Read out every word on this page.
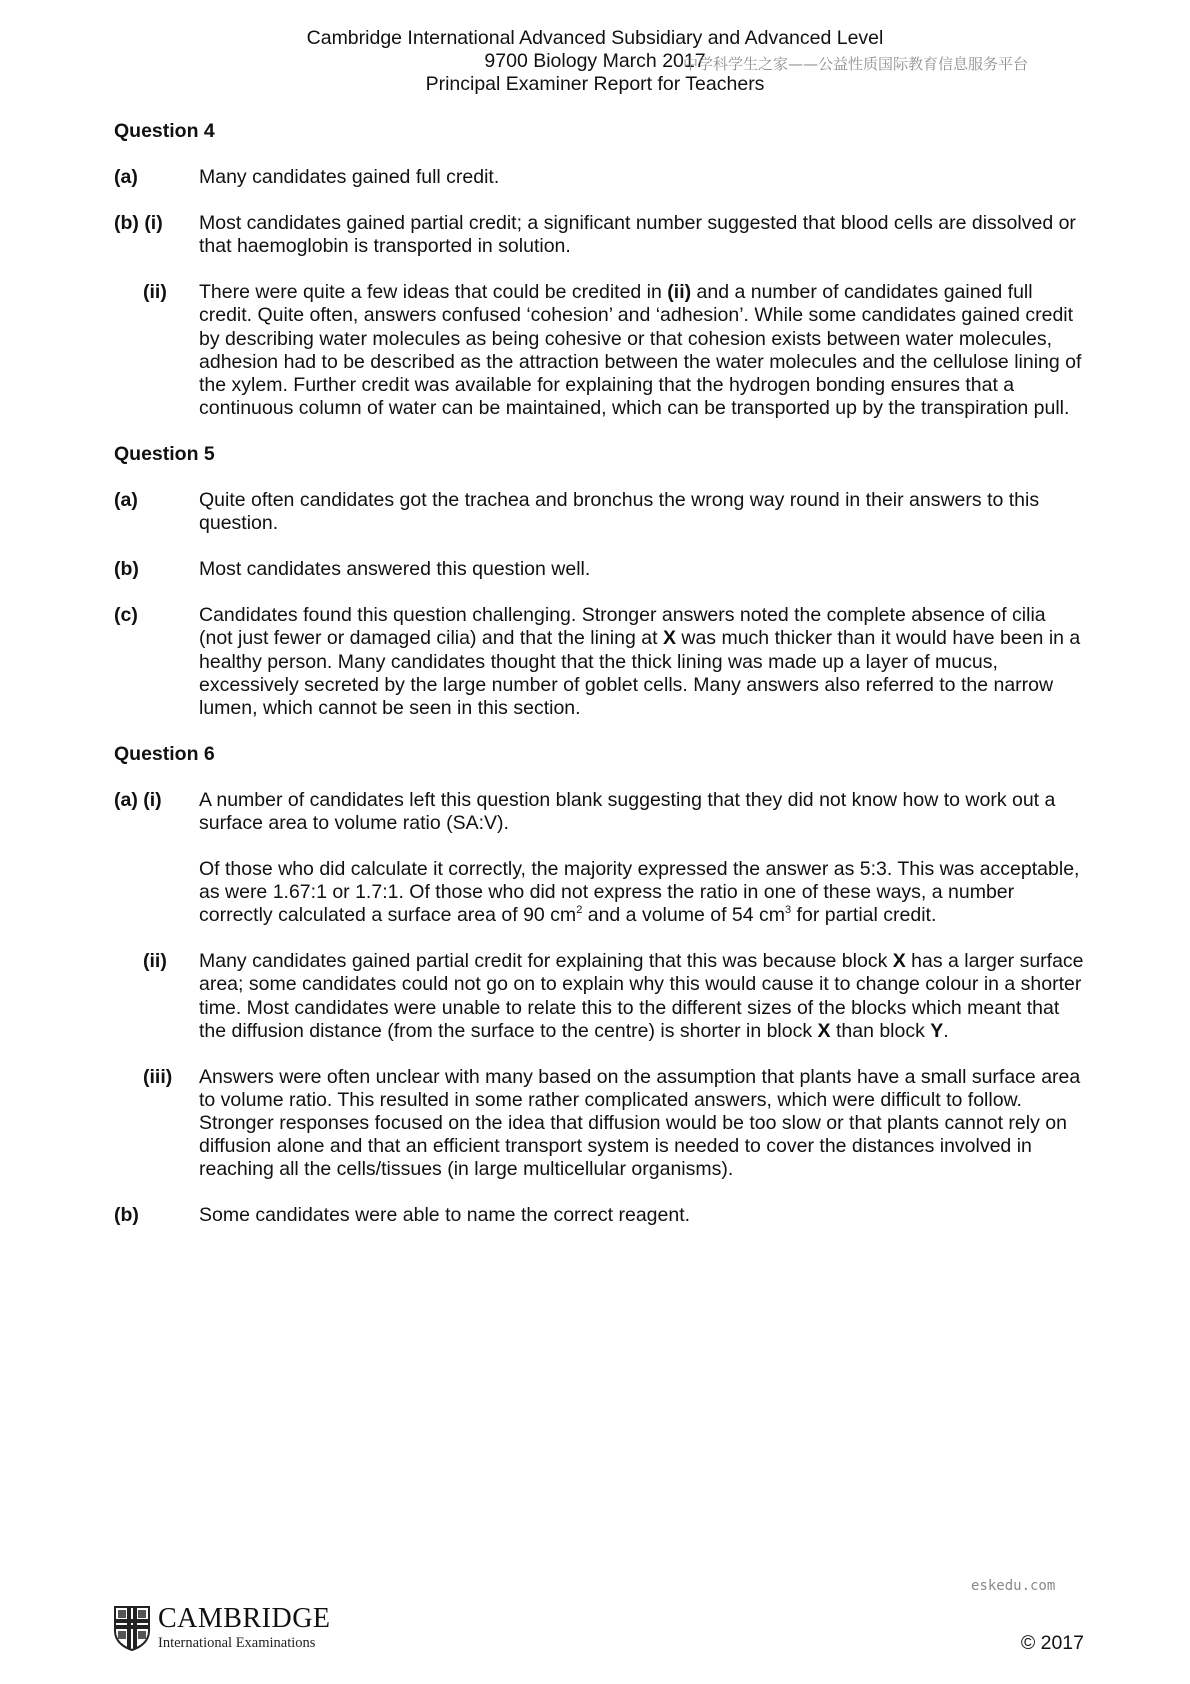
Cambridge International Advanced Subsidiary and Advanced Level
9700 Biology March 2017
Principal Examiner Report for Teachers
中学科学生之家——公益性质国际教育信息服务平台
Question 4
(a)	Many candidates gained full credit.

(b) (i) Most candidates gained partial credit; a significant number suggested that blood cells are dissolved or that haemoglobin is transported in solution.

(ii) There were quite a few ideas that could be credited in (ii) and a number of candidates gained full credit. Quite often, answers confused ‘cohesion’ and ‘adhesion’. While some candidates gained credit by describing water molecules as being cohesive or that cohesion exists between water molecules, adhesion had to be described as the attraction between the water molecules and the cellulose lining of the xylem. Further credit was available for explaining that the hydrogen bonding ensures that a continuous column of water can be maintained, which can be transported up by the transpiration pull.

Question 5
(a)	Quite often candidates got the trachea and bronchus the wrong way round in their answers to this question.

(b)	Most candidates answered this question well.

(c)	Candidates found this question challenging. Stronger answers noted the complete absence of cilia (not just fewer or damaged cilia) and that the lining at X was much thicker than it would have been in a healthy person. Many candidates thought that the thick lining was made up a layer of mucus, excessively secreted by the large number of goblet cells. Many answers also referred to the narrow lumen, which cannot be seen in this section.

Question 6
(a) (i) A number of candidates left this question blank suggesting that they did not know how to work out a surface area to volume ratio (SA:V).

Of those who did calculate it correctly, the majority expressed the answer as 5:3. This was acceptable, as were 1.67:1 or 1.7:1. Of those who did not express the ratio in one of these ways, a number correctly calculated a surface area of 90 $cm^2$ and a volume of 54 $cm^3$ for partial credit.

(ii) Many candidates gained partial credit for explaining that this was because block X has a larger surface area; some candidates could not go on to explain why this would cause it to change colour in a shorter time. Most candidates were unable to relate this to the different sizes of the blocks which meant that the diffusion distance (from the surface to the centre) is shorter in block X than block Y.

(iii) Answers were often unclear with many based on the assumption that plants have a small surface area to volume ratio. This resulted in some rather complicated answers, which were difficult to follow. Stronger responses focused on the idea that diffusion would be too slow or that plants cannot rely on diffusion alone and that an efficient transport system is needed to cover the distances involved in reaching all the cells/tissues (in large multicellular organisms).

(b)	Some candidates were able to name the correct reagent.

eskedu.com
CAMBRIDGE
International Examinations	© 2017
